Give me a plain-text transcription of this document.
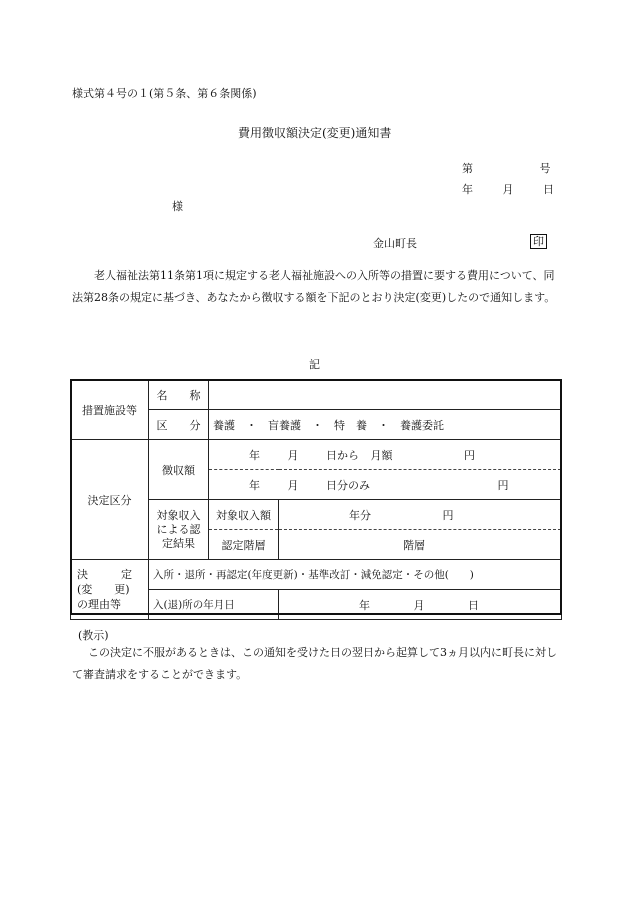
様式第４号の１(第５条、第６条関係)
費用徴収額決定(変更)通知書
第	号
年	月	日
様
金山町長	印
老人福祉法第11条第1項に規定する老人福祉施設への入所等の措置に要する費用について、同法第28条の規定に基づき、あなたから徴収する額を下記のとおり決定(変更)したので通知します。
記
措置施設等	名　　称		
	区　　分	養護　・　盲養護　・　特　養　・　養護委託	
決定区分	徴収額	年 月 日から 月額 円	
		年 月 日分のみ 円	
	対象収入による認定結果	対象収入額	年分 円
		認定階層	階層

決　　　定
(変　　更)
の理由等	入所・退所・再認定(年度更新)・基準改訂・減免認定・その他(　　)		
	入(退)所の年月日		年 月 日
(教示)
この決定に不服があるときは、この通知を受けた日の翌日から起算して3ヵ月以内に町長に対して審査請求をすることができます。
